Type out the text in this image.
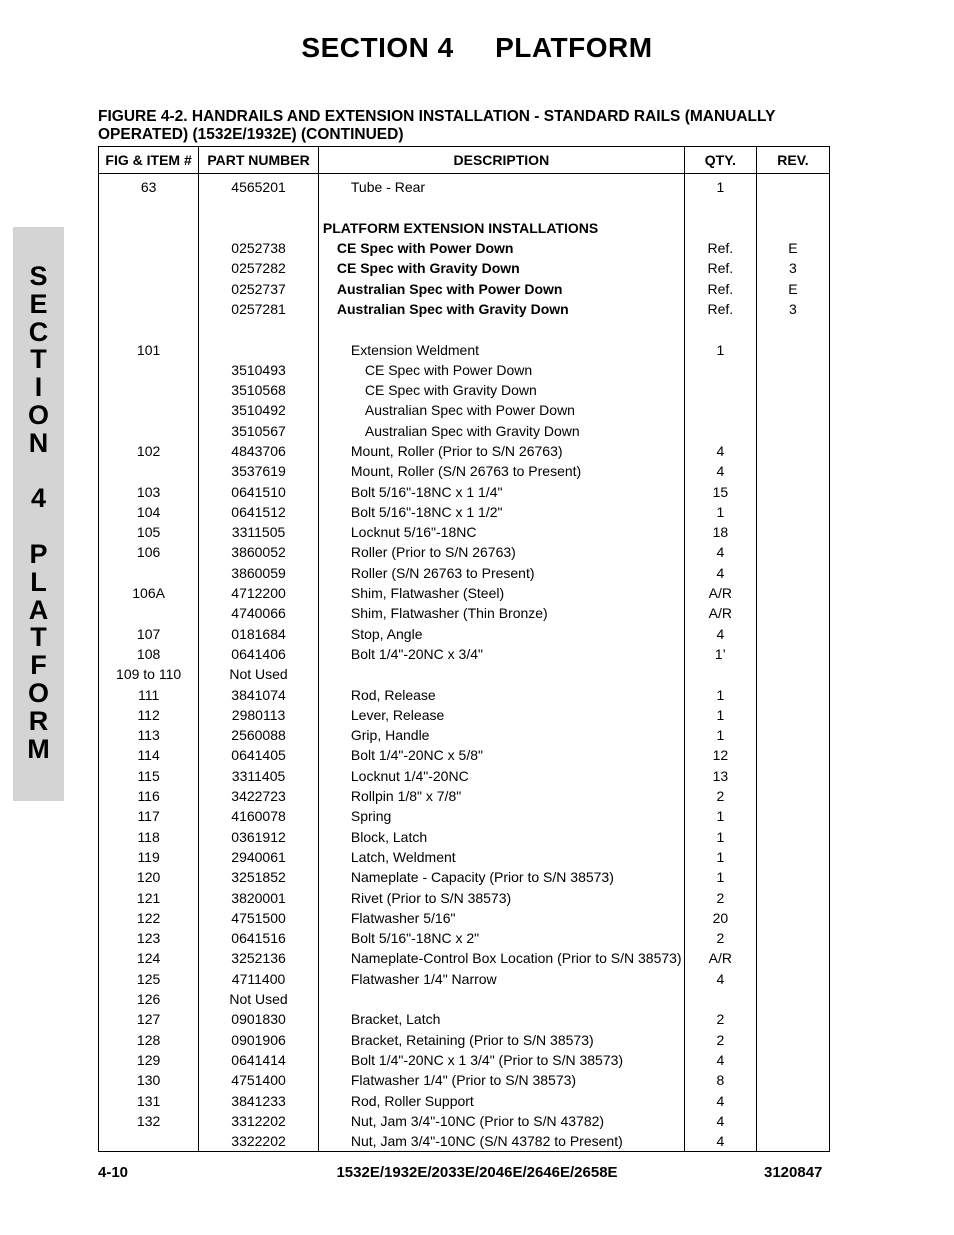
SECTION 4 PLATFORM
FIGURE 4-2. HANDRAILS AND EXTENSION INSTALLATION - STANDARD RAILS (MANUALLY OPERATED) (1532E/1932E) (CONTINUED)
S
E
C
T
I
O
N
4
P
L
A
T
F
O
R
M
FIG & ITEM #	PART NUMBER	DESCRIPTION	QTY.	REV.
63	4565201	Tube - Rear	1	

		PLATFORM EXTENSION INSTALLATIONS		

	0252738	CE Spec with Power Down	Ref.	E
	0257282	CE Spec with Gravity Down	Ref.	3
	0252737	Australian Spec with Power Down	Ref.	E
	0257281	Australian Spec with Gravity Down	Ref.	3

101		Extension Weldment	1	
	3510493	CE Spec with Power Down		

	3510568	CE Spec with Gravity Down		

	3510492	Australian Spec with Power Down		

	3510567	Australian Spec with Gravity Down		

102	4843706	Mount, Roller (Prior to S/N 26763)	4	
	3537619	Mount, Roller (S/N 26763 to Present)	4	
103	0641510	Bolt 5/16"-18NC x 1 1/4"	15	
104	0641512	Bolt 5/16"-18NC x 1 1/2"	1	
105	3311505	Locknut 5/16"-18NC	18	
106	3860052	Roller (Prior to S/N 26763)	4	
	3860059	Roller (S/N 26763 to Present)	4	
106A	4712200	Shim, Flatwasher (Steel)	A/R	
	4740066	Shim, Flatwasher (Thin Bronze)	A/R	
107	0181684	Stop, Angle	4	
108	0641406	Bolt 1/4"-20NC x 3/4"	1’	
109 to 110	Not Used	

111	3841074	Rod, Release	1	
112	2980113	Lever, Release	1	
113	2560088	Grip, Handle	1	
114	0641405	Bolt 1/4"-20NC x 5/8"	12	
115	3311405	Locknut 1/4"-20NC	13	
116	3422723	Rollpin 1/8" x 7/8"	2	
117	4160078	Spring	1	
118	0361912	Block, Latch	1	
119	2940061	Latch, Weldment	1	
120	3251852	Nameplate - Capacity (Prior to S/N 38573)	1	
121	3820001	Rivet (Prior to S/N 38573)	2	
122	4751500	Flatwasher 5/16"	20	
123	0641516	Bolt 5/16"-18NC x 2"	2	
124	3252136	Nameplate-Control Box Location (Prior to S/N 38573)	A/R	
125	4711400	Flatwasher 1/4" Narrow	4	
126	Not Used	

127	0901830	Bracket, Latch	2	
128	0901906	Bracket, Retaining (Prior to S/N 38573)	2	
129	0641414	Bolt 1/4"-20NC x 1 3/4" (Prior to S/N 38573)	4	
130	4751400	Flatwasher 1/4" (Prior to S/N 38573)	8	
131	3841233	Rod, Roller Support	4	
132	3312202	Nut, Jam 3/4"-10NC (Prior to S/N 43782)	4	
	3322202	Nut, Jam 3/4"-10NC (S/N 43782 to Present)	4	
4-10	1532E/1932E/2033E/2046E/2646E/2658E	3120847
